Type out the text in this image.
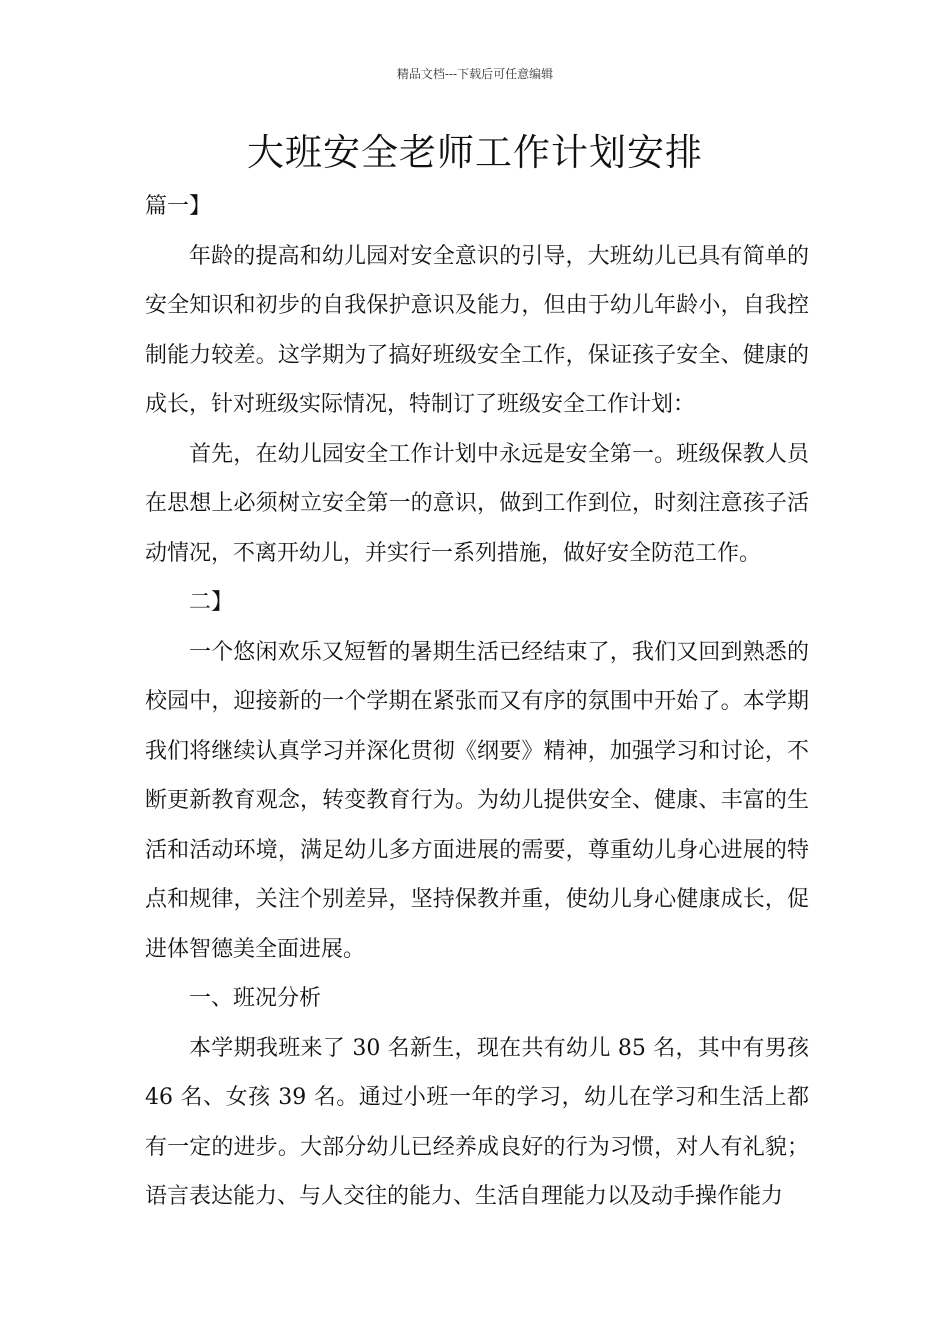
精品文档---下载后可任意编辑
大班安全老师工作计划安排

篇一】

年龄的提高和幼儿园对安全意识的引导，大班幼儿已具有简单的安全知识和初步的自我保护意识及能力，但由于幼儿年龄小，自我控制能力较差。这学期为了搞好班级安全工作，保证孩子安全、健康的成长，针对班级实际情况，特制订了班级安全工作计划：

首先，在幼儿园安全工作计划中永远是安全第一。班级保教人员在思想上必须树立安全第一的意识，做到工作到位，时刻注意孩子活动情况，不离开幼儿，并实行一系列措施，做好安全防范工作。

二】

一个悠闲欢乐又短暂的暑期生活已经结束了，我们又回到熟悉的校园中，迎接新的一个学期在紧张而又有序的氛围中开始了。本学期我们将继续认真学习并深化贯彻《纲要》精神，加强学习和讨论，不断更新教育观念，转变教育行为。为幼儿提供安全、健康、丰富的生活和活动环境，满足幼儿多方面进展的需要，尊重幼儿身心进展的特点和规律，关注个别差异，坚持保教并重，使幼儿身心健康成长，促进体智德美全面进展。

一、班况分析

本学期我班来了 30 名新生，现在共有幼儿 85 名，其中有男孩 46 名、女孩 39 名。通过小班一年的学习，幼儿在学习和生活上都有一定的进步。大部分幼儿已经养成良好的行为习惯，对人有礼貌；语言表达能力、与人交往的能力、生活自理能力以及动手操作能力
